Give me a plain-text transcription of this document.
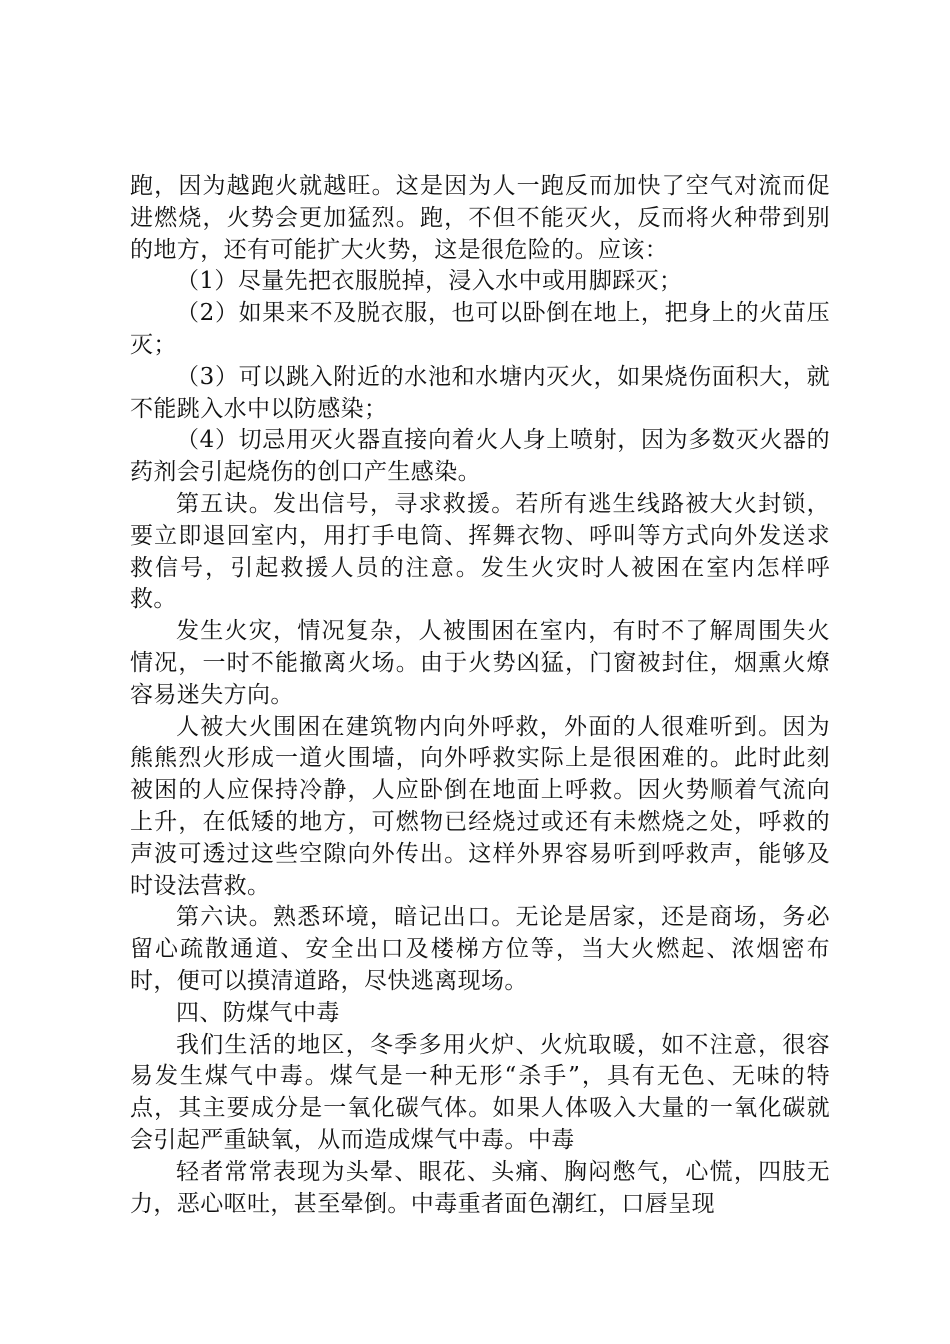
跑，因为越跑火就越旺。这是因为人一跑反而加快了空气对流而促进燃烧，火势会更加猛烈。跑，不但不能灭火，反而将火种带到别的地方，还有可能扩大火势，这是很危险的。应该：

（1）尽量先把衣服脱掉，浸入水中或用脚踩灭；

（2）如果来不及脱衣服，也可以卧倒在地上，把身上的火苗压灭；

（3）可以跳入附近的水池和水塘内灭火，如果烧伤面积大，就不能跳入水中以防感染；

（4）切忌用灭火器直接向着火人身上喷射，因为多数灭火器的药剂会引起烧伤的创口产生感染。

第五诀。发出信号，寻求救援。若所有逃生线路被大火封锁，要立即退回室内，用打手电筒、挥舞衣物、呼叫等方式向外发送求救信号，引起救援人员的注意。发生火灾时人被困在室内怎样呼救。

发生火灾，情况复杂，人被围困在室内，有时不了解周围失火情况，一时不能撤离火场。由于火势凶猛，门窗被封住，烟熏火燎容易迷失方向。

人被大火围困在建筑物内向外呼救，外面的人很难听到。因为熊熊烈火形成一道火围墙，向外呼救实际上是很困难的。此时此刻被困的人应保持冷静，人应卧倒在地面上呼救。因火势顺着气流向上升，在低矮的地方，可燃物已经烧过或还有未燃烧之处，呼救的声波可透过这些空隙向外传出。这样外界容易听到呼救声，能够及时设法营救。

第六诀。熟悉环境，暗记出口。无论是居家，还是商场，务必留心疏散通道、安全出口及楼梯方位等，当大火燃起、浓烟密布时，便可以摸清道路，尽快逃离现场。

四、防煤气中毒

我们生活的地区，冬季多用火炉、火炕取暖，如不注意，很容易发生煤气中毒。煤气是一种无形“杀手”，具有无色、无味的特点，其主要成分是一氧化碳气体。如果人体吸入大量的一氧化碳就会引起严重缺氧，从而造成煤气中毒。中毒

轻者常常表现为头晕、眼花、头痛、胸闷憋气，心慌，四肢无力，恶心呕吐，甚至晕倒。中毒重者面色潮红，口唇呈现
